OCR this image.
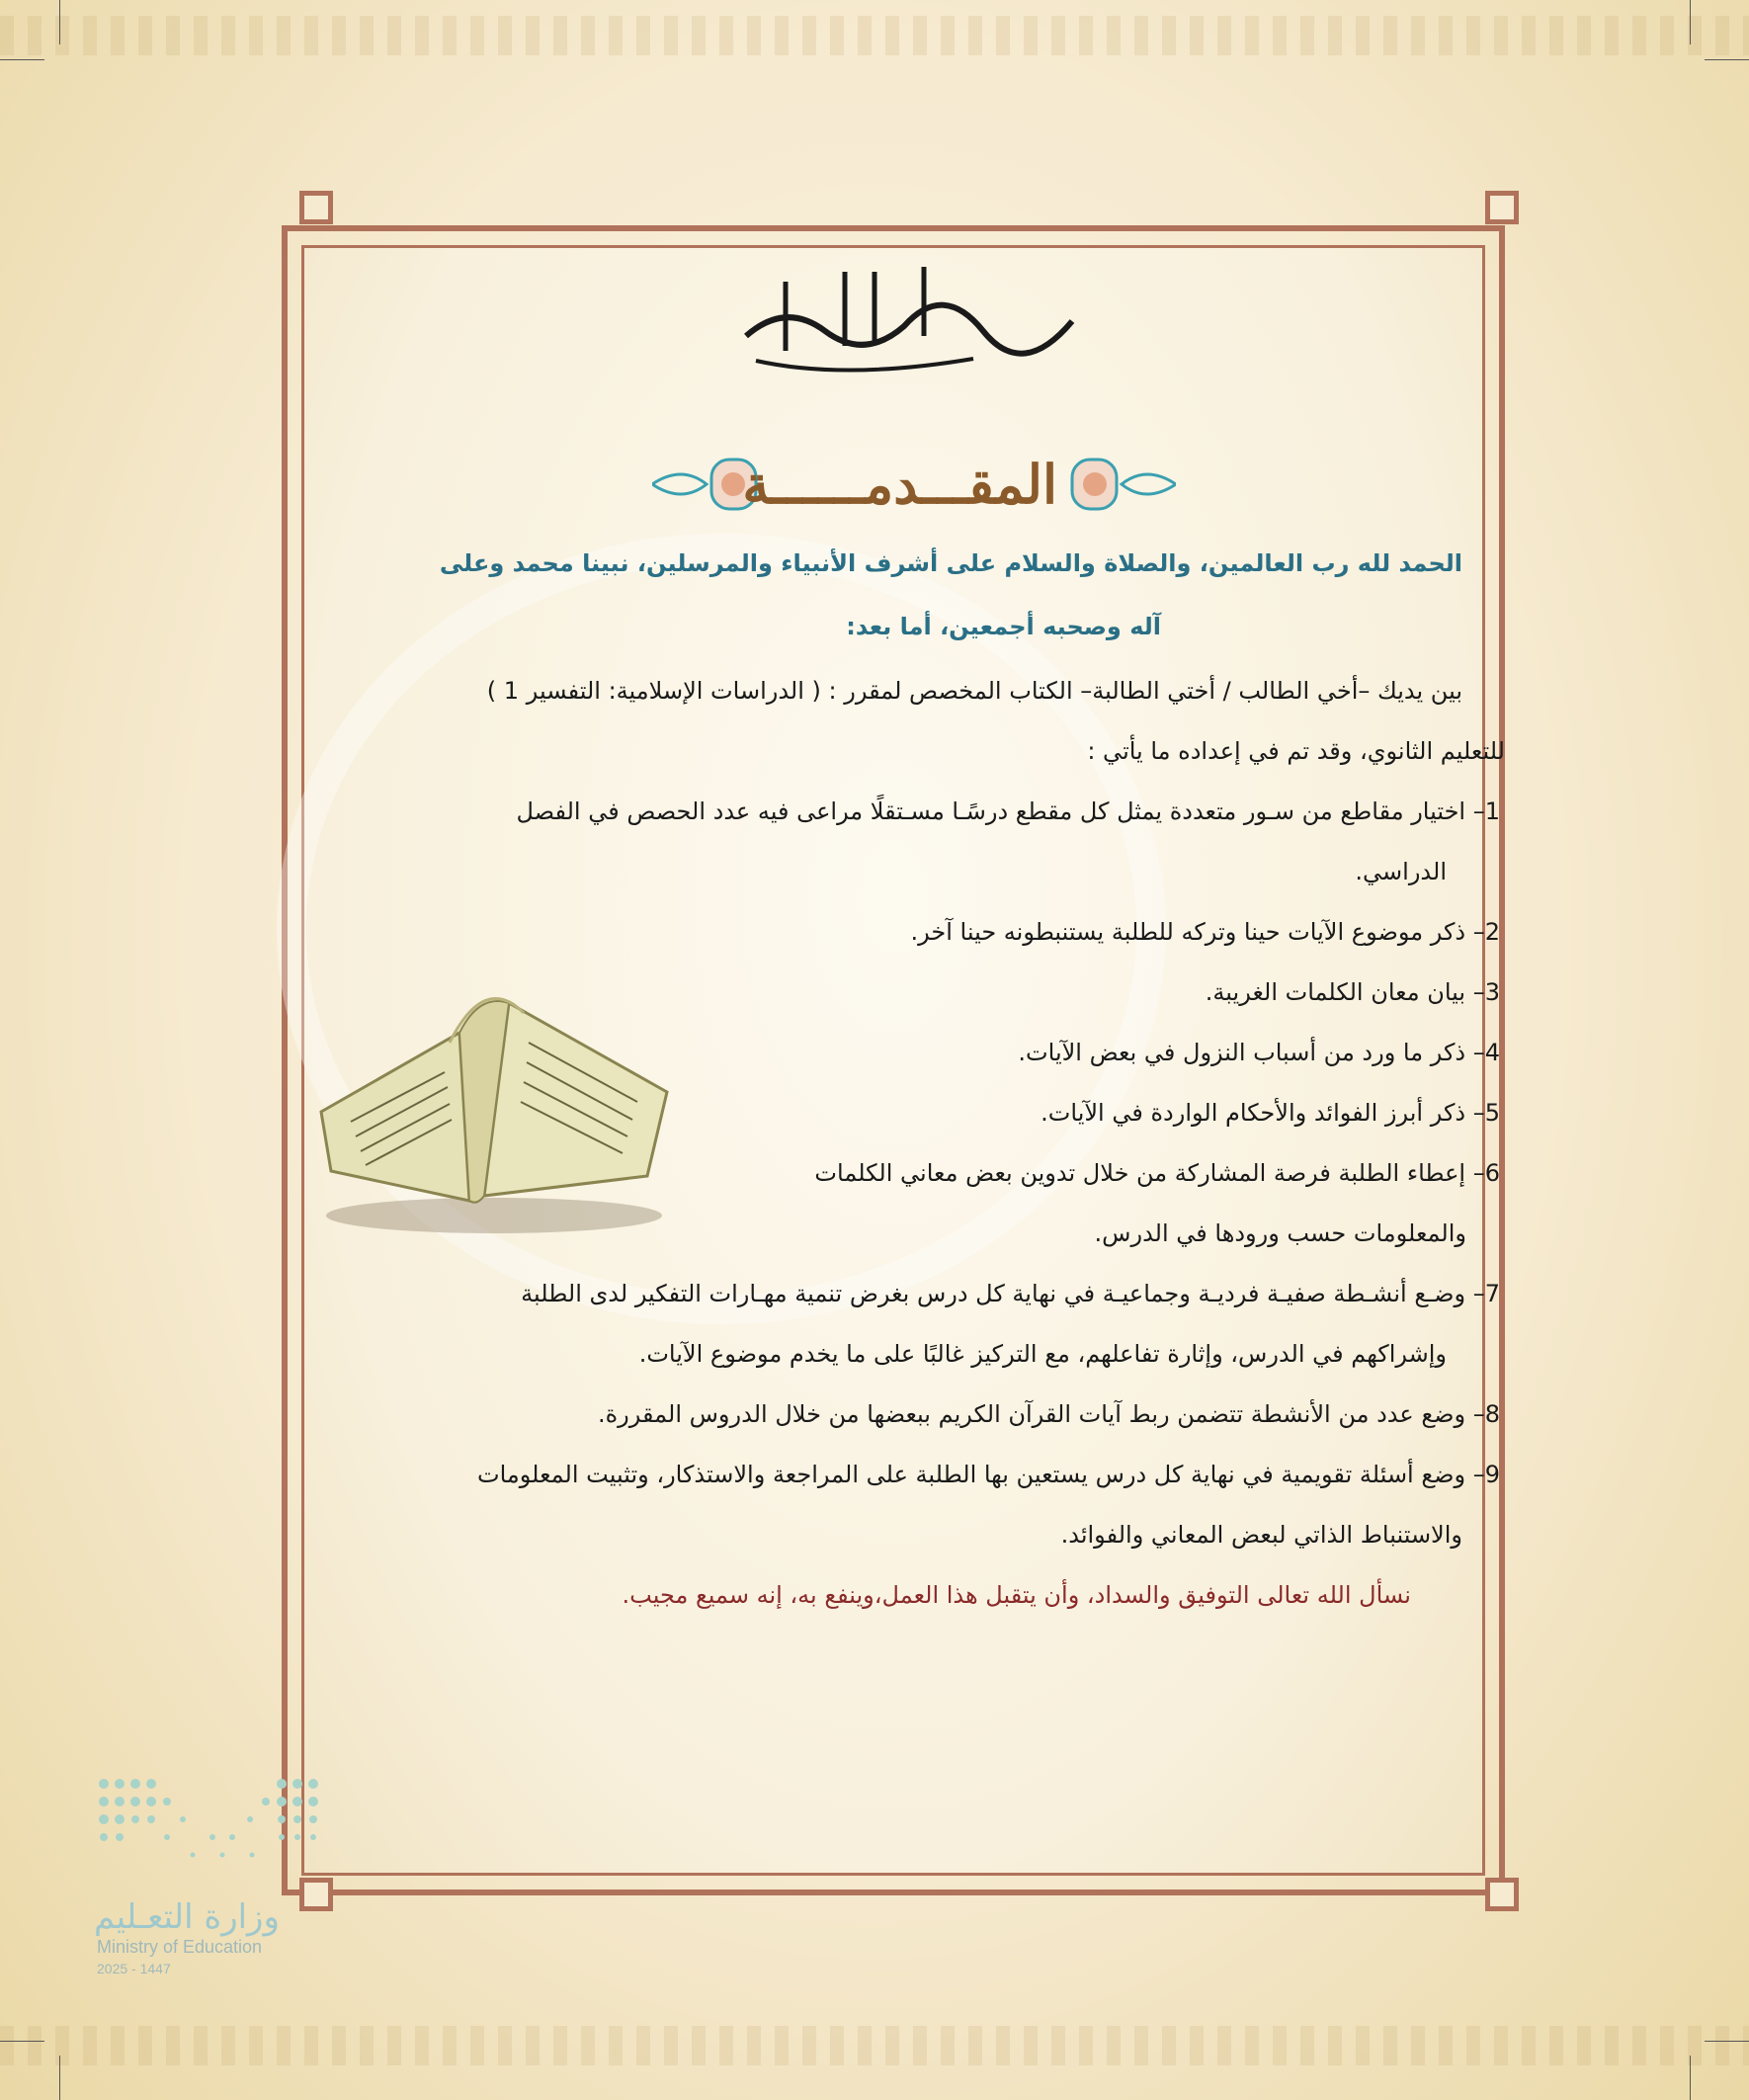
المقـــدمــــــة
الحمد لله رب العالمين، والصلاة والسلام على أشرف الأنبياء والمرسلين، نبينا محمد وعلى
آله وصحبه أجمعين، أما بعد:
بين يديك –أخي الطالب / أختي الطالبة– الكتاب المخصص لمقرر : ( الدراسات الإسلامية: التفسير 1 )
للتعليم الثانوي، وقد تم في إعداده ما يأتي :
1– اختيار مقاطع من سـور متعددة يمثل كل مقطع درسًـا مسـتقلًا مراعى فيه عدد الحصص في الفصل
الدراسي.
2– ذكر موضوع الآيات حينا وتركه للطلبة يستنبطونه حينا آخر.
3– بيان معان الكلمات الغريبة.
4– ذكر ما ورد من أسباب النزول في بعض الآيات.
5– ذكر أبرز الفوائد والأحكام الواردة في الآيات.
6– إعطاء الطلبة فرصة المشاركة من خلال تدوين بعض معاني الكلمات
والمعلومات حسب ورودها في الدرس.
7– وضـع أنشـطة صفيـة فرديـة وجماعيـة في نهاية كل درس بغرض تنمية مهـارات التفكير لدى الطلبة
وإشراكهم في الدرس، وإثارة تفاعلهم، مع التركيز غالبًا على ما يخدم موضوع الآيات.
8– وضع عدد من الأنشطة تتضمن ربط آيات القرآن الكريم ببعضها من خلال الدروس المقررة.
9– وضع أسئلة تقويمية في نهاية كل درس يستعين بها الطلبة على المراجعة والاستذكار، وتثبيت المعلومات
والاستنباط الذاتي لبعض المعاني والفوائد.
نسأل الله تعالى التوفيق والسداد، وأن يتقبل هذا العمل،وينفع به، إنه سميع مجيب.
وزارة التعـليم
Ministry of Education
2025 - 1447
